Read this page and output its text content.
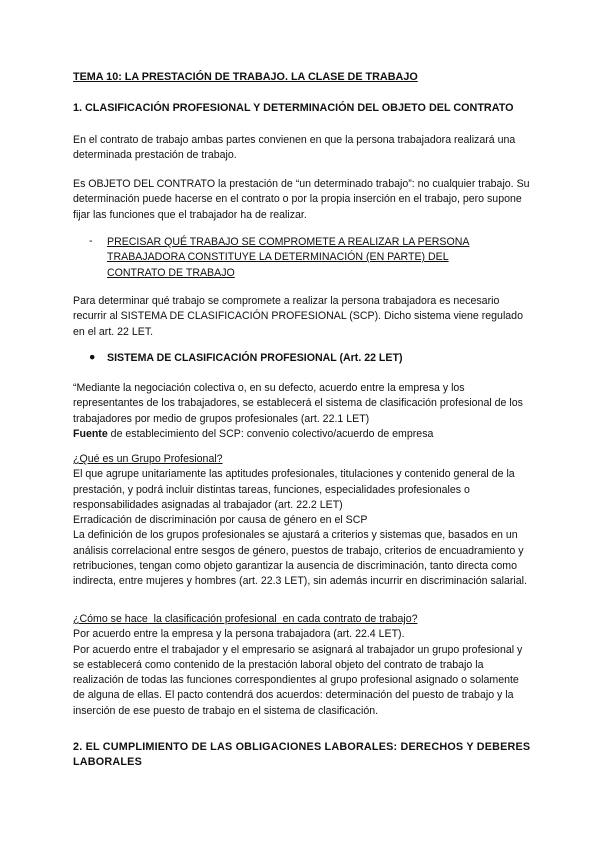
TEMA 10: LA PRESTACIÓN DE TRABAJO. LA CLASE DE TRABAJO

1. CLASIFICACIÓN PROFESIONAL Y DETERMINACIÓN DEL OBJETO DEL CONTRATO

En el contrato de trabajo ambas partes convienen en que la persona trabajadora realizará una determinada prestación de trabajo.

Es OBJETO DEL CONTRATO la prestación de “un determinado trabajo”: no cualquier trabajo. Su determinación puede hacerse en el contrato o por la propia inserción en el trabajo, pero supone fijar las funciones que el trabajador ha de realizar.

-	PRECISAR QUÉ TRABAJO SE COMPROMETE A REALIZAR LA PERSONA TRABAJADORA CONSTITUYE LA DETERMINACIÓN (EN PARTE) DEL CONTRATO DE TRABAJO

Para determinar qué trabajo se compromete a realizar la persona trabajadora es necesario recurrir al SISTEMA DE CLASIFICACIÓN PROFESIONAL (SCP). Dicho sistema viene regulado en el art. 22 LET.

● SISTEMA DE CLASIFICACIÓN PROFESIONAL (Art. 22 LET)

“Mediante la negociación colectiva o, en su defecto, acuerdo entre la empresa y los representantes de los trabajadores, se establecerá el sistema de clasificación profesional de los trabajadores por medio de grupos profesionales (art. 22.1 LET)
Fuente de establecimiento del SCP: convenio colectivo/acuerdo de empresa
¿Qué es un Grupo Profesional?
El que agrupe unitariamente las aptitudes profesionales, titulaciones y contenido general de la prestación, y podrá incluir distintas tareas, funciones, especialidades profesionales o responsabilidades asignadas al trabajador (art. 22.2 LET)
Erradicación de discriminación por causa de género en el SCP
La definición de los grupos profesionales se ajustará a criterios y sistemas que, basados en un análisis correlacional entre sesgos de género, puestos de trabajo, criterios de encuadramiento y retribuciones, tengan como objeto garantizar la ausencia de discriminación, tanto directa como indirecta, entre mujeres y hombres (art. 22.3 LET), sin además incurrir en discriminación salarial.
¿Cómo se hace  la clasificación profesional  en cada contrato de trabajo?
Por acuerdo entre la empresa y la persona trabajadora (art. 22.4 LET).
Por acuerdo entre el trabajador y el empresario se asignará al trabajador un grupo profesional y se establecerá como contenido de la prestación laboral objeto del contrato de trabajo la realización de todas las funciones correspondientes al grupo profesional asignado o solamente de alguna de ellas. El pacto contendrá dos acuerdos: determinación del puesto de trabajo y la inserción de ese puesto de trabajo en el sistema de clasificación.

2. EL CUMPLIMIENTO DE LAS OBLIGACIONES LABORALES: DERECHOS Y DEBERES LABORALES
